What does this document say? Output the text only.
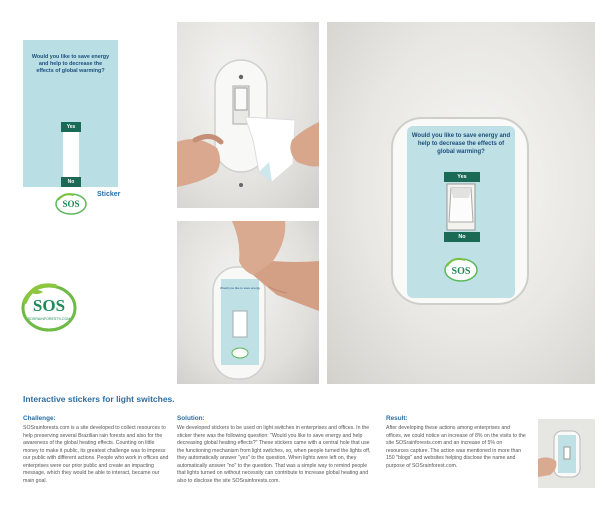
Would you like to save energy and help to decrease the effects of global warming?
Yes
No
SOS
Sticker
Would you like to save energy
SOS
Would you like to save energy and help to decrease the effects of global warming?
Yes
No
SOS
SOSRAINFORESTS.COM
Interactive stickers for light switches.
Challenge:
SOSrainforests.com is a site developed to collect resources to help preserving several Brazilian rain forests and also for the awareness of the global heating effects. Counting on little money to make it public, its greatest challenge was to impress our public with different actions. People who work in offices and enterprises were our prior public and create an impacting message, which they would be able to interact, became our main goal.
Solution:
We developed stickers to be used on light switches in enterprises and offices. In the sticker there was the following question: "Would you like to save energy and help decreasing global heating effects?" These stickers came with a central hole that use the functioning mechanism from light switches, so, when people turned the lights off, they automatically answer "yes" to the question. When lights were left on, they automatically answer "no" to the question. That was a simple way to remind people that lights turned on without necessity can contribute to increase global heating and also to disclose the site SOSrainforests.com.
Result:
After developing these actions among enterprises and offices, we could notice an increase of 8% on the visits to the site SOSrainforests.com and an increase of 5% on resources capture. The action was mentioned in more than 150 "blogs" and websites helping disclose the name and purpose of SOSrainforest.com.
